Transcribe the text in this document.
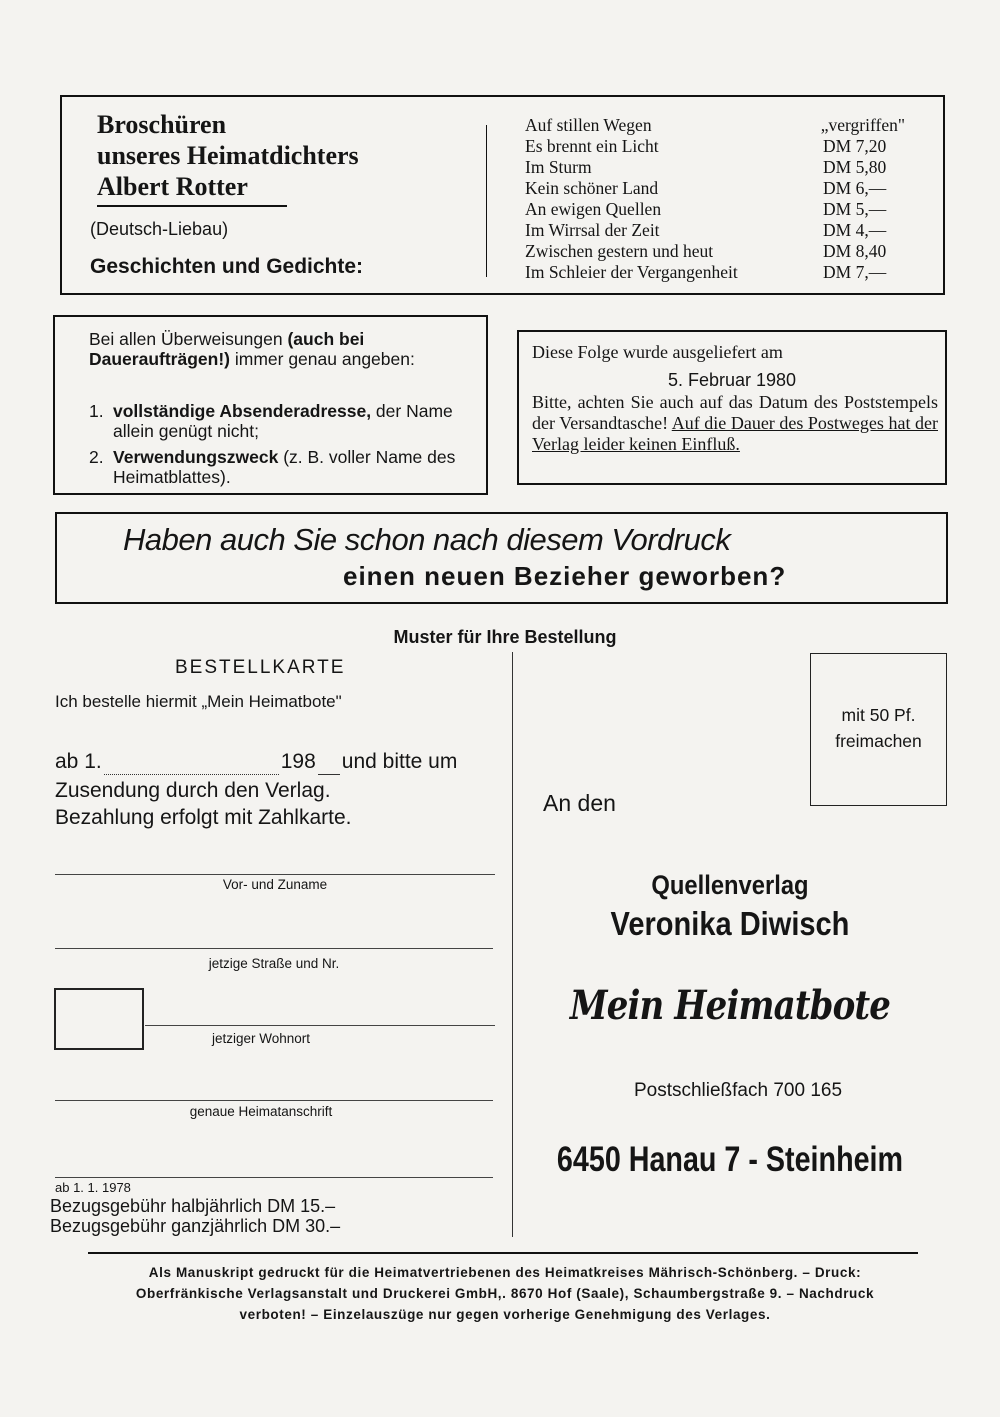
Broschüren
unseres Heimatdichters
Albert Rotter
(Deutsch-Liebau)
Geschichten und Gedichte:
Auf stillen Wegen	„vergriffen"
Es brennt ein Licht	DM 7,20
Im Sturm	DM 5,80
Kein schöner Land	DM 6,—
An ewigen Quellen	DM 5,—
Im Wirrsal der Zeit	DM 4,—
Zwischen gestern und heut	DM 8,40
Im Schleier der Vergangenheit	DM 7,—
Bei allen Überweisungen (auch bei Daueraufträgen!) immer genau angeben:
1. vollständige Absenderadresse, der Name allein genügt nicht;
2. Verwendungszweck (z. B. voller Name des Heimatblattes).
Diese Folge wurde ausgeliefert am
5. Februar 1980
Bitte, achten Sie auch auf das Datum des Poststempels der Versandtasche! Auf die Dauer des Postweges hat der Verlag leider keinen Einfluß.
Haben auch Sie schon nach diesem Vordruck
einen neuen Bezieher geworben?
Muster für Ihre Bestellung
BESTELLKARTE
Ich bestelle hiermit „Mein Heimatbote"
ab 1.	198 und bitte um
Zusendung durch den Verlag.
Bezahlung erfolgt mit Zahlkarte.
Vor- und Zuname
jetzige Straße und Nr.
jetziger Wohnort
genaue Heimatanschrift
ab 1. 1. 1978
Bezugsgebühr halbjährlich DM 15.–
Bezugsgebühr ganzjährlich DM 30.–
mit 50 Pf.
freimachen
An den
Quellenverlag
Veronika Diwisch
Mein Heimatbote
Postschließfach 700 165
6450 Hanau 7 - Steinheim
Als Manuskript gedruckt für die Heimatvertriebenen des Heimatkreises Mährisch-Schönberg. – Druck:
Oberfränkische Verlagsanstalt und Druckerei GmbH,. 8670 Hof (Saale), Schaumbergstraße 9. – Nachdruck
verboten! – Einzelauszüge nur gegen vorherige Genehmigung des Verlages.
